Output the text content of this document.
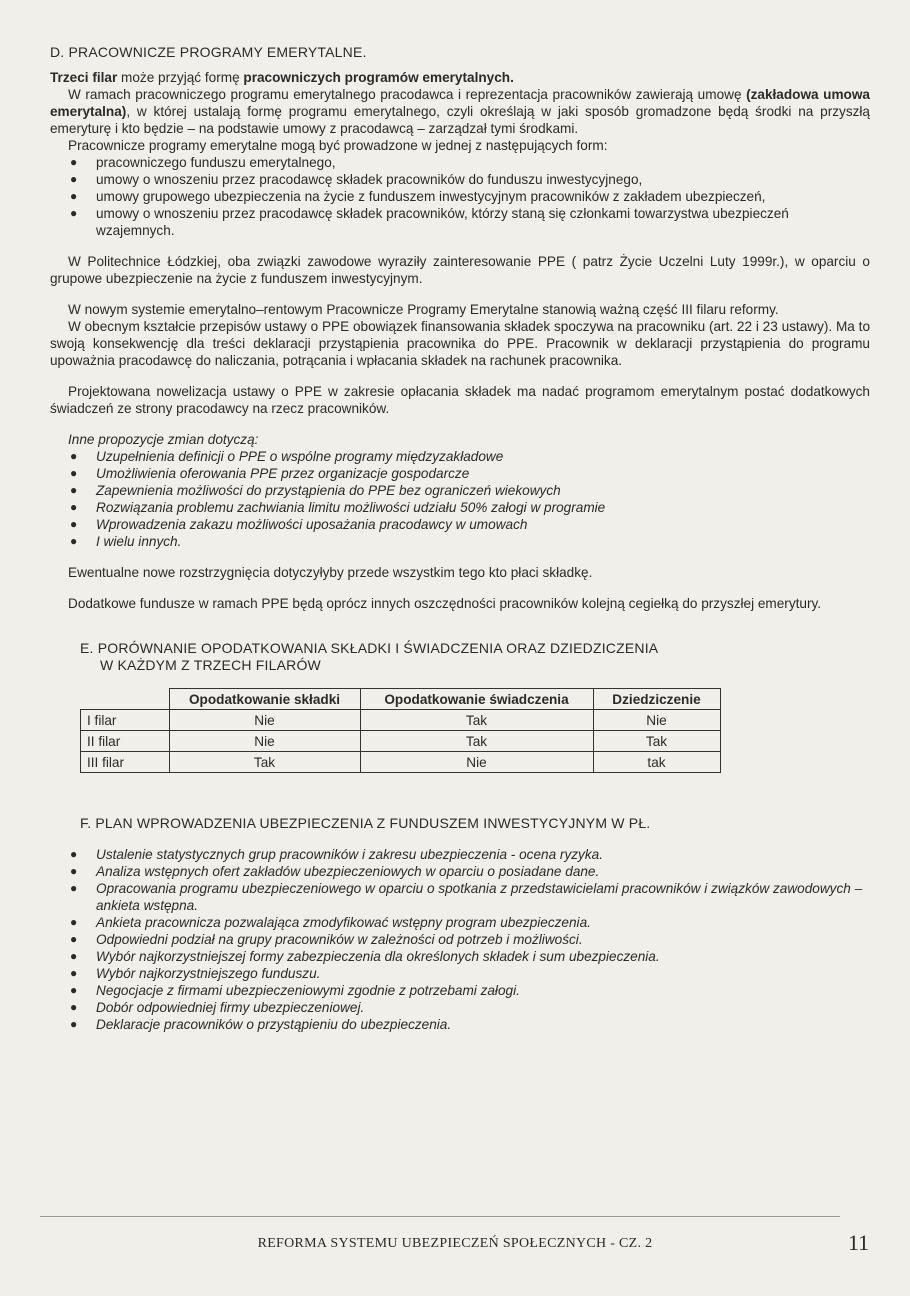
D. PRACOWNICZE PROGRAMY EMERYTALNE.

Trzeci filar może przyjąć formę pracowniczych programów emerytalnych.

W ramach pracowniczego programu emerytalnego pracodawca i reprezentacja pracowników zawierają umowę (zakładowa umowa emerytalna), w której ustalają formę programu emerytalnego, czyli określają w jaki sposób gromadzone będą środki na przyszłą emeryturę i kto będzie – na podstawie umowy z pracodawcą – zarządzał tymi środkami.

Pracownicze programy emerytalne mogą być prowadzone w jednej z następujących form:

● pracowniczego funduszu emerytalnego,
● umowy o wnoszeniu przez pracodawcę składek pracowników do funduszu inwestycyjnego,
● umowy grupowego ubezpieczenia na życie z funduszem inwestycyjnym pracowników z zakładem ubezpieczeń,
● umowy o wnoszeniu przez pracodawcę składek pracowników, którzy staną się członkami towarzystwa ubezpieczeń wzajemnych.

W Politechnice Łódzkiej, oba związki zawodowe wyraziły zainteresowanie PPE ( patrz Życie Uczelni Luty 1999r.), w oparciu o grupowe ubezpieczenie na życie z funduszem inwestycyjnym.

W nowym systemie emerytalno–rentowym Pracownicze Programy Emerytalne stanowią ważną część III filaru reformy.

W obecnym kształcie przepisów ustawy o PPE obowiązek finansowania składek spoczywa na pracowniku (art. 22 i 23 ustawy). Ma to swoją konsekwencję dla treści deklaracji przystąpienia pracownika do PPE. Pracownik w deklaracji przystąpienia do programu upoważnia pracodawcę do naliczania, potrącania i wpłacania składek na rachunek pracownika.

Projektowana nowelizacja ustawy o PPE w zakresie opłacania składek ma nadać programom emerytalnym postać dodatkowych świadczeń ze strony pracodawcy na rzecz pracowników.

Inne propozycje zmian dotyczą:

● Uzupełnienia definicji o PPE o wspólne programy międzyzakładowe
● Umożliwienia oferowania PPE przez organizacje gospodarcze
● Zapewnienia możliwości do przystąpienia do PPE bez ograniczeń wiekowych
● Rozwiązania problemu zachwiania limitu możliwości udziału 50% załogi w programie
● Wprowadzenia zakazu możliwości uposażania pracodawcy w umowach
● I wielu innych.

Ewentualne nowe rozstrzygnięcia dotyczyłyby przede wszystkim tego kto płaci składkę.

Dodatkowe fundusze w ramach PPE będą oprócz innych oszczędności pracowników kolejną cegiełką do przyszłej emerytury.

E. PORÓWNANIE OPODATKOWANIA SKŁADKI I ŚWIADCZENIA ORAZ DZIEDZICZENIA
W KAŻDYM Z TRZECH FILARÓW
	Opodatkowanie składki	Opodatkowanie świadczenia	Dziedziczenie
I filar	Nie	Tak	Nie
II filar	Nie	Tak	Tak
III filar	Tak	Nie	tak
F. PLAN WPROWADZENIA UBEZPIECZENIA Z FUNDUSZEM INWESTYCYJNYM W PŁ.
● Ustalenie statystycznych grup pracowników i zakresu ubezpieczenia - ocena ryzyka.
● Analiza wstępnych ofert zakładów ubezpieczeniowych w oparciu o posiadane dane.
● Opracowania programu ubezpieczeniowego w oparciu o spotkania z przedstawicielami pracowników i związków zawodowych – ankieta wstępna.
● Ankieta pracownicza pozwalająca zmodyfikować wstępny program ubezpieczenia.
● Odpowiedni podział na grupy pracowników w zależności od potrzeb i możliwości.
● Wybór najkorzystniejszej formy zabezpieczenia dla określonych składek i sum ubezpieczenia.
● Wybór najkorzystniejszego funduszu.
● Negocjacje z firmami ubezpieczeniowymi zgodnie z potrzebami załogi.
● Dobór odpowiedniej firmy ubezpieczeniowej.
● Deklaracje pracowników o przystąpieniu do ubezpieczenia.
REFORMA SYSTEMU UBEZPIECZEŃ SPOŁECZNYCH - CZ. 2	11
